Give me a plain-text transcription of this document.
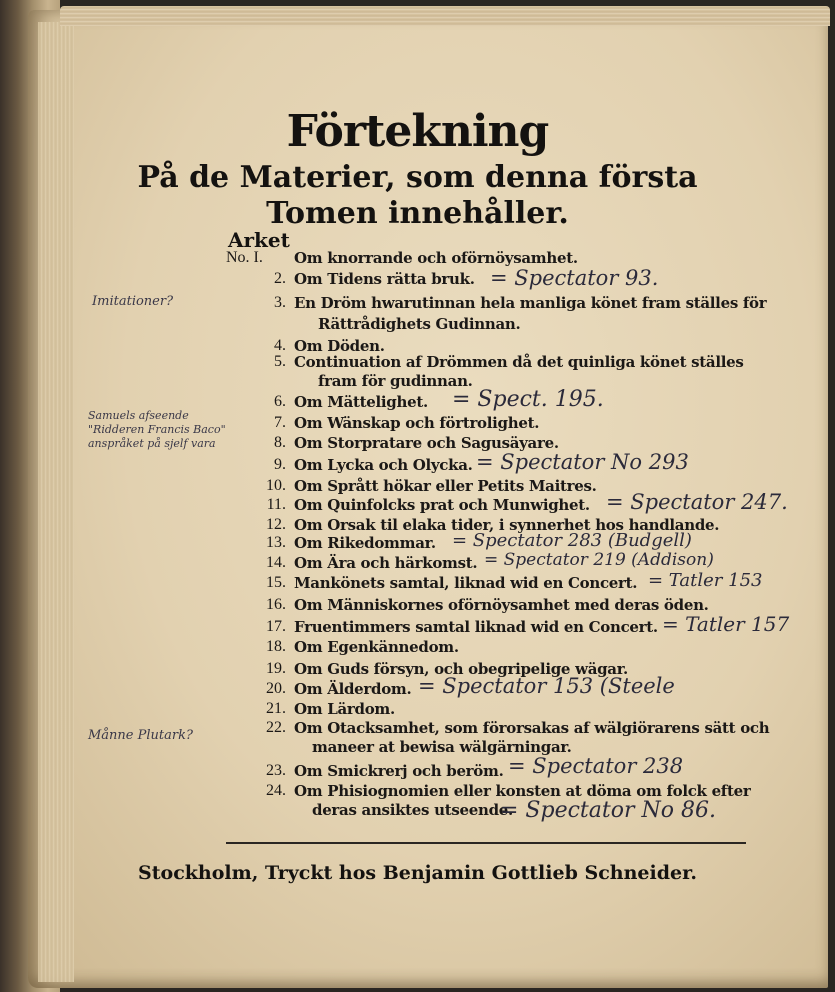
Förtekning
På de Materier, som denna första
Tomen innehåller.
Arket
No. I.	Om knorrande och oförnöysamhet.
2. Om Tidens rätta bruk. = Spectator 93.
3. En Dröm hwarutinnan hela manliga könet fram ställes för
Rättrådighets Gudinnan.
4. Om Döden.
5. Continuation af Drömmen då det quinliga könet ställes
fram för gudinnan.
6. Om Mättelighet. = Spect. 195.
7. Om Wänskap och förtrolighet.
8. Om Storpratare och Sagusäyare.
9. Om Lycka och Olycka. = Spectator No 293
10. Om Sprått hökar eller Petits Maitres.
11. Om Quinfolcks prat och Munwighet. = Spectator 247.
12. Om Orsak til elaka tider, i synnerhet hos handlande.
13. Om Rikedommar. = Spectator 283 (Budgell)
14. Om Ära och härkomst. = Spectator 219 (Addison)
15. Mankönets samtal, liknad wid en Concert. = Tatler 153
16. Om Människornes oförnöysamhet med deras öden.
17. Fruentimmers samtal liknad wid en Concert. = Tatler 157
18. Om Egenkännedom.
19. Om Guds försyn, och obegripelige wägar.
20. Om Älderdom. = Spectator 153 (Steele
21. Om Lärdom.
22. Om Otacksamhet, som förorsakas af wälgiörarens sätt och
maneer at bewisa wälgärningar.
23. Om Smickrerj och beröm. = Spectator 238
24. Om Phisiognomien eller konsten at döma om folck efter
deras ansiktes utseende.
= Spectator No 86.
Imitationer?
Samuels afseende
"Ridderen Francis Baco"
anspråket på sjelf vara
Månne Plutark?
Stockholm, Tryckt hos Benjamin Gottlieb Schneider.
